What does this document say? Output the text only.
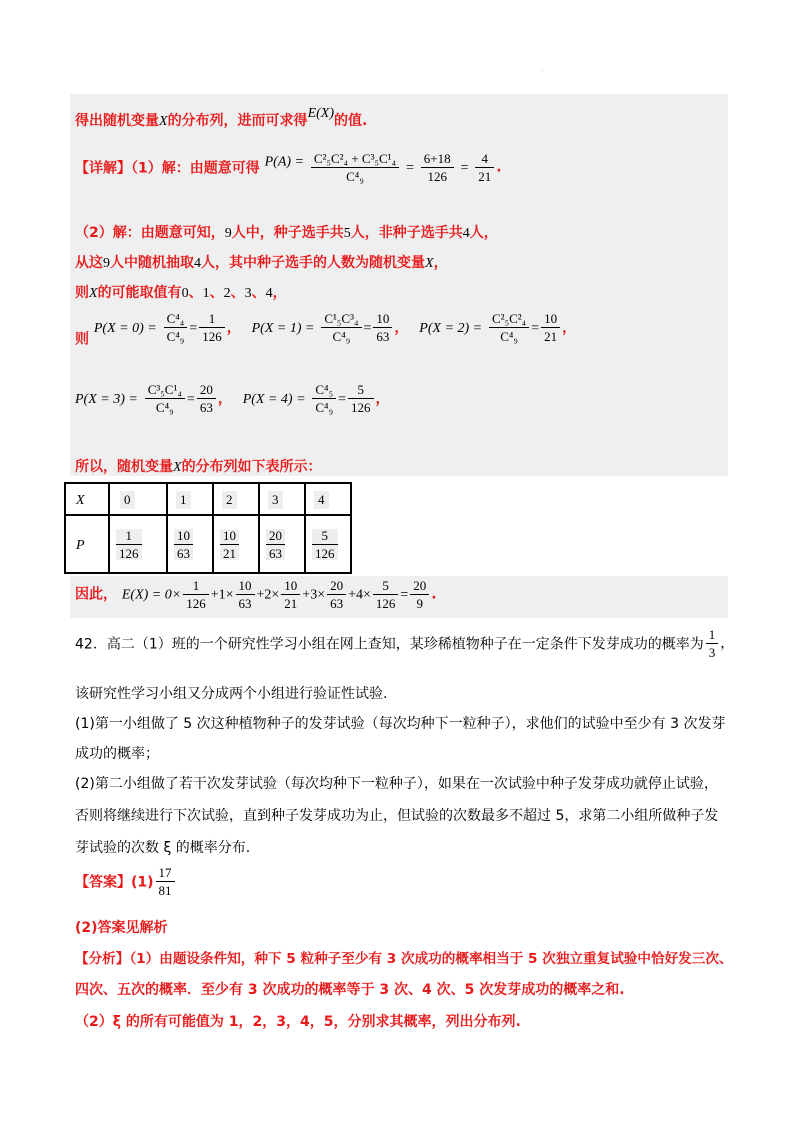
.
得出随机变量X的分布列，进而可求得E(X)的值.
【详解】（1）解：由题意可得 $P(A) = \frac{\text{C²₅C²₄ + C³₅C¹₄}}{\text{C⁴₉}} = \frac{6+18}{126} = \frac{4}{21}$ .
（2）解：由题意可知，9人中，种子选手共5人，非种子选手共4人，
从这9人中随机抽取4人，其中种子选手的人数为随机变量X，
则X的可能取值有0、1、2、3、4，
则 $P(X = 0) = \frac{\text{C⁴₄}}{\text{C⁴₉}} = \frac{1}{126}$ ， $P(X = 1) = \frac{\text{C¹₅C³₄}}{\text{C⁴₉}} = \frac{10}{63}$ ， $P(X = 2) = \frac{\text{C²₅C²₄}}{\text{C⁴₉}} = \frac{10}{21}$ ，
$P(X = 3) = \frac{\text{C³₅C¹₄}}{\text{C⁴₉}} = \frac{20}{63}$ ， $P(X = 4) = \frac{\text{C⁴₅}}{\text{C⁴₉}} = \frac{5}{126}$ ，
所以，随机变量X的分布列如下表所示：
X	0	1	2	3	4
P	$\frac{1}{126}$	$\frac{10}{63}$	$\frac{10}{21}$	$\frac{20}{63}$	$\frac{5}{126}$
因此， $E(X) = 0\times \frac{1}{126} +1\times \frac{10}{63} +2\times \frac{10}{21} +3\times \frac{20}{63} +4\times \frac{5}{126} = \frac{20}{9}$ .
42．高二（1）班的一个研究性学习小组在网上查知，某珍稀植物种子在一定条件下发芽成功的概率为 $\frac{1}{3}$ ，
该研究性学习小组又分成两个小组进行验证性试验.
(1)第一小组做了 5 次这种植物种子的发芽试验（每次均种下一粒种子），求他们的试验中至少有 3 次发芽
成功的概率；
(2)第二小组做了若干次发芽试验（每次均种下一粒种子），如果在一次试验中种子发芽成功就停止试验，
否则将继续进行下次试验，直到种子发芽成功为止，但试验的次数最多不超过 5，求第二小组所做种子发
芽试验的次数 ξ 的概率分布.
【答案】$(1) \frac{17}{81}$
(2)答案见解析
【分析】（1）由题设条件知，种下 5 粒种子至少有 3 次成功的概率相当于 5 次独立重复试验中恰好发三次、
四次、五次的概率．至少有 3 次成功的概率等于 3 次、4 次、5 次发芽成功的概率之和.
（2）ξ 的所有可能值为 1，2，3，4，5，分别求其概率，列出分布列.
